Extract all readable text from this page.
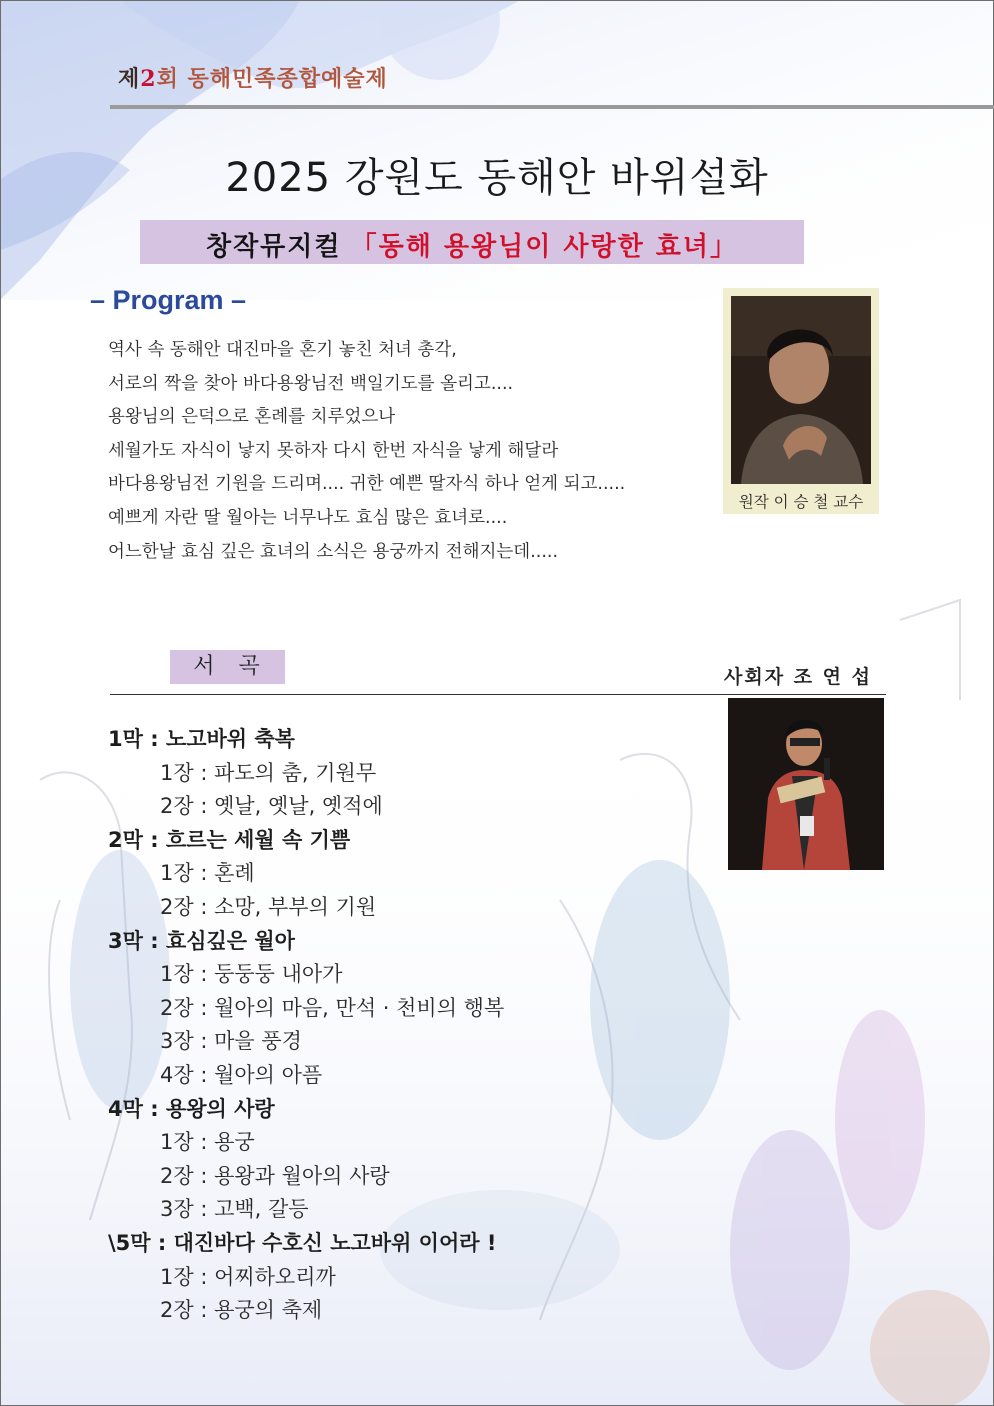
제2회 동해민족종합예술제
2025 강원도 동해안 바위설화
창작뮤지컬 「동해 용왕님이 사랑한 효녀」
– Program –
역사 속 동해안 대진마을 혼기 놓친 처녀 총각,
서로의 짝을 찾아 바다용왕님전 백일기도를 올리고....
용왕님의 은덕으로 혼례를 치루었으나
세월가도 자식이 낳지 못하자 다시 한번 자식을 낳게 해달라
바다용왕님전 기원을 드리며.... 귀한 예쁜 딸자식 하나 얻게 되고.....
예쁘게 자란 딸 월아는 너무나도 효심 많은 효녀로....
어느한날 효심 깊은 효녀의 소식은 용궁까지 전해지는데.....
원작 이 승 철 교수
서곡	사회자 조 연 섭
1막 : 노고바위 축복
1장 : 파도의 춤, 기원무
2장 : 옛날, 옛날, 옛적에
2막 : 흐르는 세월 속 기쁨
1장 : 혼례
2장 : 소망, 부부의 기원
3막 : 효심깊은 월아
1장 : 둥둥둥 내아가
2장 : 월아의 마음, 만석 · 천비의 행복
3장 : 마을 풍경
4장 : 월아의 아픔
4막 : 용왕의 사랑
1장 : 용궁
2장 : 용왕과 월아의 사랑
3장 : 고백, 갈등
\5막 : 대진바다 수호신 노고바위 이어라 !
1장 : 어찌하오리까
2장 : 용궁의 축제
